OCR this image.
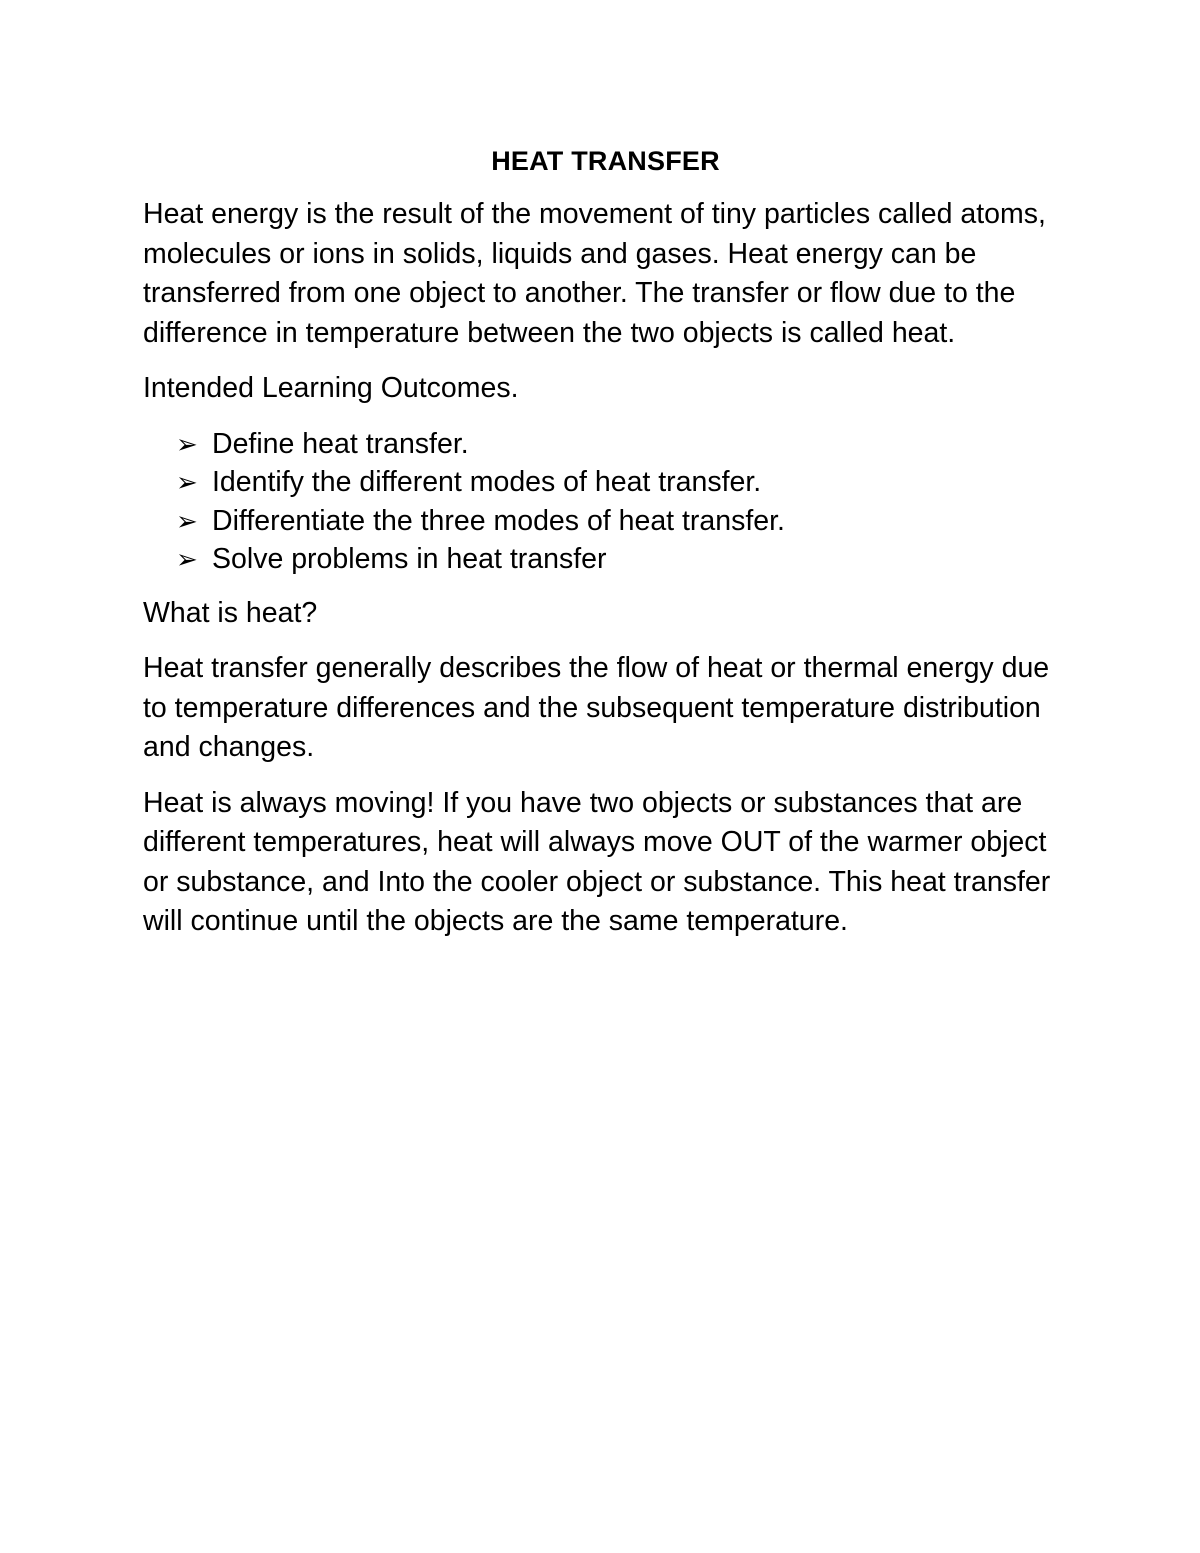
HEAT TRANSFER

Heat energy is the result of the movement of tiny particles called atoms, molecules or ions in solids, liquids and gases. Heat energy can be transferred from one object to another. The transfer or flow due to the difference in temperature between the two objects is called heat.

Intended Learning Outcomes.

➢ Define heat transfer.
➢ Identify the different modes of heat transfer.
➢ Differentiate the three modes of heat transfer.
➢ Solve problems in heat transfer

What is heat?

Heat transfer generally describes the flow of heat or thermal energy due to temperature differences and the subsequent temperature distribution and changes.

Heat is always moving! If you have two objects or substances that are different temperatures, heat will always move OUT of the warmer object or substance, and Into the cooler object or substance. This heat transfer will continue until the objects are the same temperature.
